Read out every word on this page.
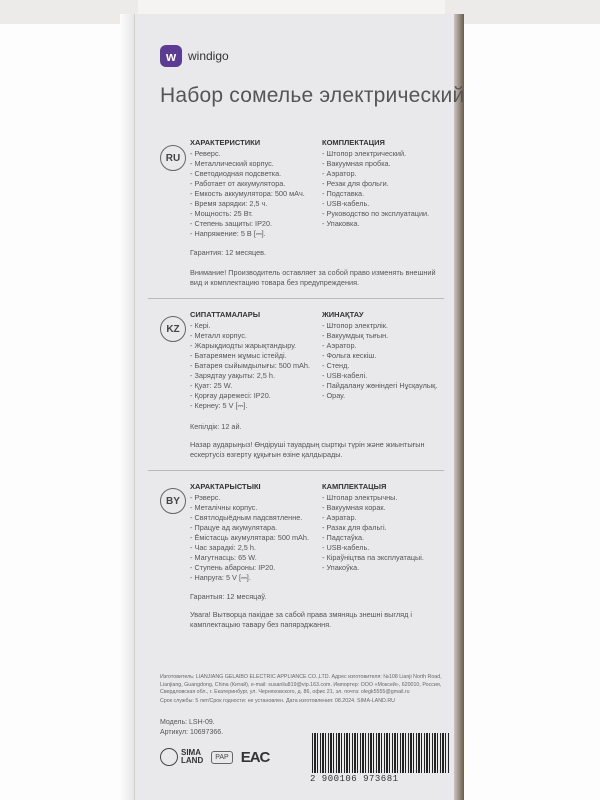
w windigo
Набор сомелье электрический
RU
ХАРАКТЕРИСТИКИ
- Реверс.
- Металлический корпус.
- Светодиодная подсветка.
- Работает от аккумулятора.
- Емкость аккумулятора: 500 мАч.
- Время зарядки: 2,5 ч.
- Мощность: 25 Вт.
- Степень защиты: IP20.
- Напряжение: 5 В [⎓].
КОМПЛЕКТАЦИЯ
- Штопор электрический.
- Вакуумная пробка.
- Аэратор.
- Резак для фольги.
- Подставка.
- USB-кабель.
- Руководство по эксплуатации.
- Упаковка.
Гарантия: 12 месяцев.
Внимание! Производитель оставляет за собой право изменять внешний вид и комплектацию товара без предупреждения.
KZ
СИПАТТАМАЛАРЫ
- Кері.
- Металл корпус.
- Жарықдиодты жарықтандыру.
- Батареямен жұмыс істейді.
- Батарея сыйымдылығы: 500 mAh.
- Зарядтау уақыты: 2,5 h.
- Қуат: 25 W.
- Қорғау дәрежесі: IP20.
- Кернеу: 5 V [⎓].
ЖИНАҚТАУ
- Штопор электрлік.
- Вакуумдық тығын.
- Аэратор.
- Фольга кескіш.
- Стенд.
- USB-кабелі.
- Пайдалану жөніндегі Нұсқаулық.
- Орау.
Кепілдік: 12 ай.
Назар аударыңыз! Өндіруші тауардың сыртқы түрін және жиынтығын ескертусіз өзгерту құқығын өзіне қалдырады.
BY
ХАРАКТАРЫСТЫКІ
- Рэверс.
- Металічны корпус.
- Святлодыёдным падсвятленне.
- Працуе ад акумулятара.
- Ёмістасць акумулятара: 500 mAh.
- Час зарадкі: 2,5 h.
- Магутнасць: 65 W.
- Ступень абароны: IP20.
- Напруга: 5 V [⎓].
КАМПЛЕКТАЦЫЯ
- Штопар электрычны.
- Вакуумная корак.
- Аэратар.
- Разак для фальгі.
- Падстаўка.
- USB-кабель.
- Кіраўніцтва па эксплуатацыі.
- Упакоўка.
Гарантыя: 12 месяцаў.
Увага! Вытворца пакідае за сабой права змяняць знешні выгляд і камплектацыю тавару без папярэджання.
Изготовитель: LIANJIANG GELAIBO ELECTRIC APPLIANCE CO.,LTD. Адрес изготовителя: №108 Lianji North Road, Lianjiang, Guangdong, China (Китай), e-mail: susanliu819@vip.163.com. Импортер: ООО «Моксей», 620010, Россия, Свердловская обл., г. Екатеринбург, ул. Черняховского, д. 86, офис 21, эл. почта: olegk5555@gmail.ru
Срок службы: 5 лет/Срок годности: не установлен. Дата изготовления: 08.2024. SIMA-LAND.RU
Модель: LSH-09.
Артикул: 10697366.
SIMA
LAND	PAP EAC
2 900106 973681
